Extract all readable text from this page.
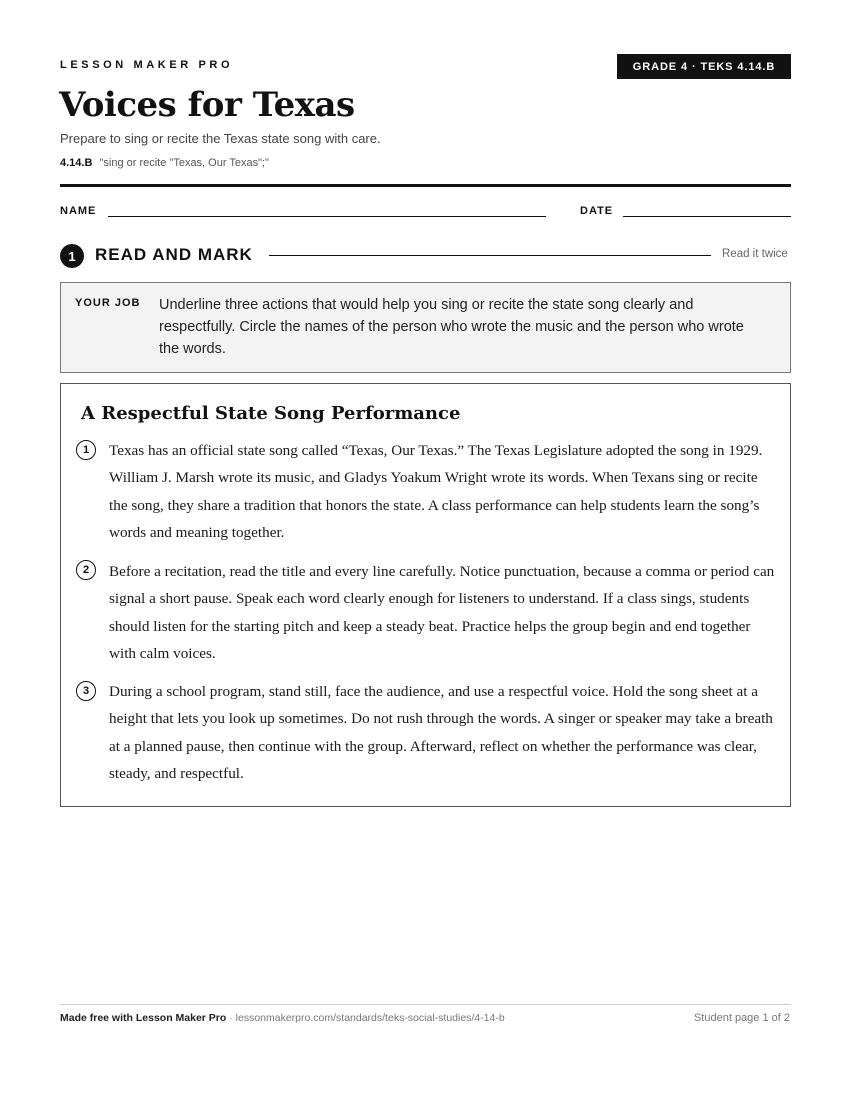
LESSON MAKER PRO	GRADE 4 · TEKS 4.14.B
Voices for Texas
Prepare to sing or recite the Texas state song with care.
4.14.B "sing or recite "Texas, Our Texas";"
NAME	DATE
1	READ AND MARK	Read it twice
YOUR JOB Underline three actions that would help you sing or recite the state song clearly and respectfully. Circle the names of the person who wrote the music and the person who wrote the words.
A Respectful State Song Performance
1	Texas has an official state song called “Texas, Our Texas.” The Texas Legislature adopted the song in 1929. William J. Marsh wrote its music, and Gladys Yoakum Wright wrote its words. When Texans sing or recite the song, they share a tradition that honors the state. A class performance can help students learn the song’s words and meaning together.

2	Before a recitation, read the title and every line carefully. Notice punctuation, because a comma or period can signal a short pause. Speak each word clearly enough for listeners to understand. If a class sings, students should listen for the starting pitch and keep a steady beat. Practice helps the group begin and end together with calm voices.

3	During a school program, stand still, face the audience, and use a respectful voice. Hold the song sheet at a height that lets you look up sometimes. Do not rush through the words. A singer or speaker may take a breath at a planned pause, then continue with the group. Afterward, reflect on whether the performance was clear, steady, and respectful.

Made free with Lesson Maker Pro · lessonmakerpro.com/standards/teks-social-studies/4-14-b	Student page 1 of 2
